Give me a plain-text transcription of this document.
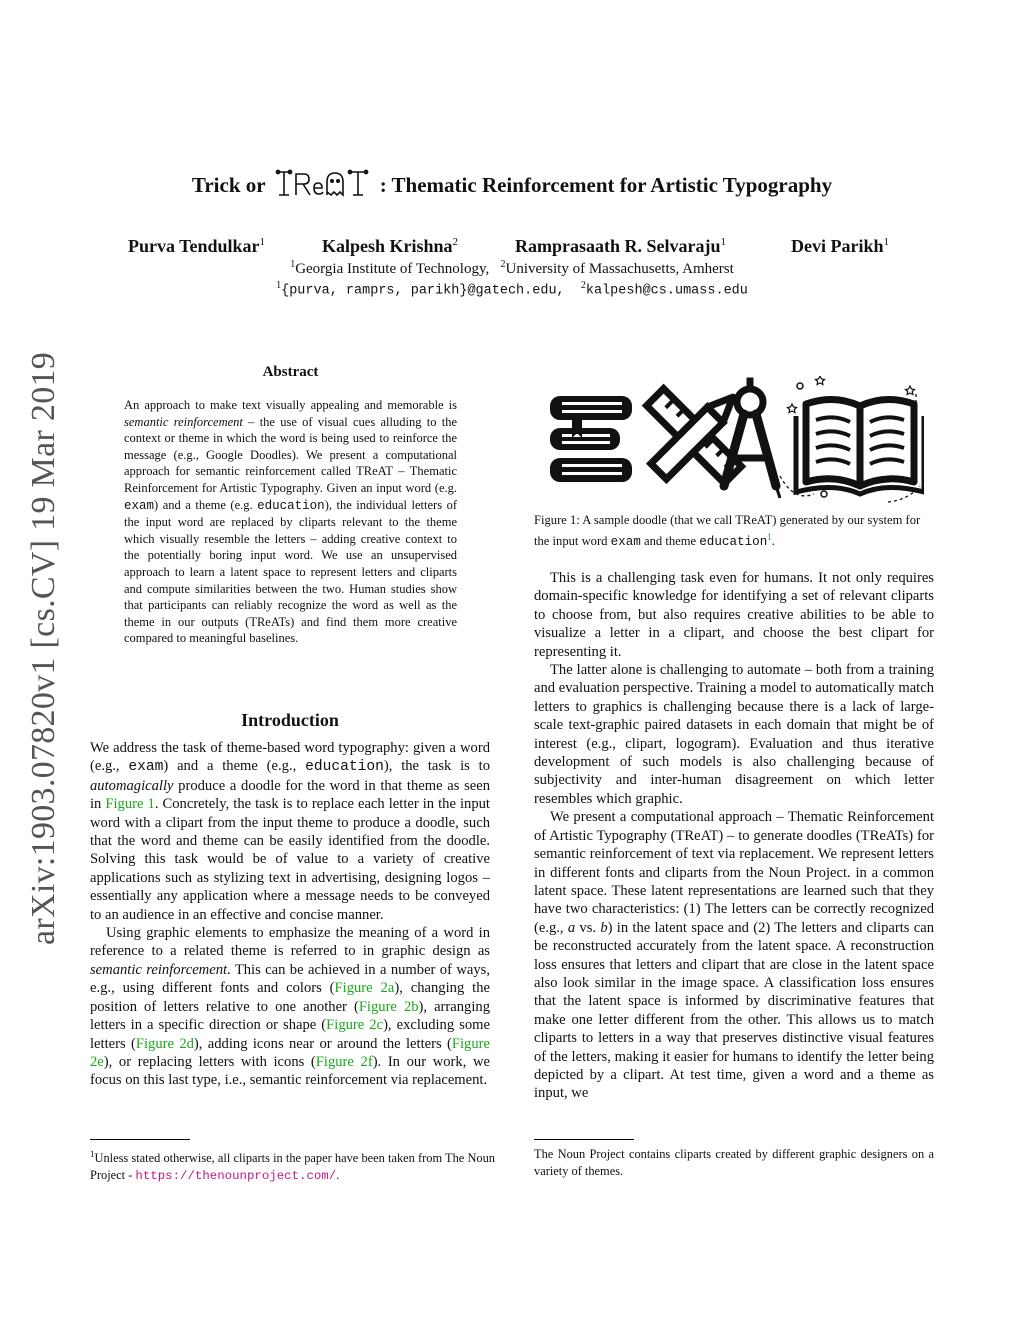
arXiv:1903.07820v1 [cs.CV] 19 Mar 2019
Trick or	: Thematic Reinforcement for Artistic Typography
Purva Tendulkar$^1$	Kalpesh Krishna$^2$	Ramprasaath R. Selvaraju$^1$	Devi Parikh$^1$
$^1$Georgia Institute of Technology, $^2$University of Massachusetts, Amherst
$^1${purva, ramprs, parikh}@gatech.edu, $^2$kalpesh@cs.umass.edu
Abstract
An approach to make text visually appealing and memorable is semantic reinforcement – the use of visual cues alluding to the context or theme in which the word is being used to reinforce the message (e.g., Google Doodles). We present a computational approach for semantic reinforcement called TReAT – Thematic Reinforcement for Artistic Typography. Given an input word (e.g. exam) and a theme (e.g. education), the individual letters of the input word are replaced by cliparts relevant to the theme which visually resemble the letters – adding creative context to the potentially boring input word. We use an unsupervised approach to learn a latent space to represent letters and cliparts and compute similarities between the two. Human studies show that participants can reliably recognize the word as well as the theme in our outputs (TReATs) and find them more creative compared to meaningful baselines.
Introduction

We address the task of theme-based word typography: given a word (e.g., exam) and a theme (e.g., education), the task is to automagically produce a doodle for the word in that theme as seen in Figure 1. Concretely, the task is to replace each letter in the input word with a clipart from the input theme to produce a doodle, such that the word and theme can be easily identified from the doodle. Solving this task would be of value to a variety of creative applications such as stylizing text in advertising, designing logos – essentially any application where a message needs to be conveyed to an audience in an effective and concise manner.

Using graphic elements to emphasize the meaning of a word in reference to a related theme is referred to in graphic design as semantic reinforcement. This can be achieved in a number of ways, e.g., using different fonts and colors (Figure 2a), changing the position of letters relative to one another (Figure 2b), arranging letters in a specific direction or shape (Figure 2c), excluding some letters (Figure 2d), adding icons near or around the letters (Figure 2e), or replacing letters with icons (Figure 2f). In our work, we focus on this last type, i.e., semantic reinforcement via replacement.

$^1$Unless stated otherwise, all cliparts in the paper have been taken from The Noun Project - https://thenounproject.com/.
Figure 1: A sample doodle (that we call TReAT) generated by our system for the input word exam and theme education$^1$.

This is a challenging task even for humans. It not only requires domain-specific knowledge for identifying a set of relevant cliparts to choose from, but also requires creative abilities to be able to visualize a letter in a clipart, and choose the best clipart for representing it.

The latter alone is challenging to automate – both from a training and evaluation perspective. Training a model to automatically match letters to graphics is challenging because there is a lack of large-scale text-graphic paired datasets in each domain that might be of interest (e.g., clipart, logogram). Evaluation and thus iterative development of such models is also challenging because of subjectivity and inter-human disagreement on which letter resembles which graphic.

We present a computational approach – Thematic Reinforcement of Artistic Typography (TReAT) – to generate doodles (TReATs) for semantic reinforcement of text via replacement. We represent letters in different fonts and cliparts from the Noun Project. in a common latent space. These latent representations are learned such that they have two characteristics: (1) The letters can be correctly recognized (e.g., a vs. b) in the latent space and (2) The letters and cliparts can be reconstructed accurately from the latent space. A reconstruction loss ensures that letters and clipart that are close in the latent space also look similar in the image space. A classification loss ensures that the latent space is informed by discriminative features that make one letter different from the other. This allows us to match cliparts to letters in a way that preserves distinctive visual features of the letters, making it easier for humans to identify the letter being depicted by a clipart. At test time, given a word and a theme as input, we

The Noun Project contains cliparts created by different graphic designers on a variety of themes.
